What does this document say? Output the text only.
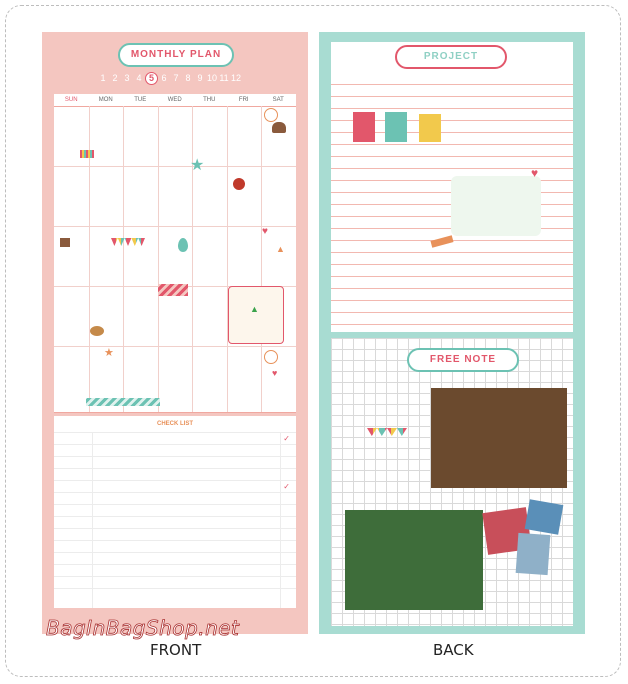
MONTHLY PLAN
1 2 3 4 5 6 7 8 9 10 11 12
SUN	MON	TUE	WED	THU	FRI	SAT
★
♥
▲
▲
★
♥
CHECK LIST
✓
✓
♥
PROJECT
FREE NOTE
BagInBagShop.net
FRONT	BACK
